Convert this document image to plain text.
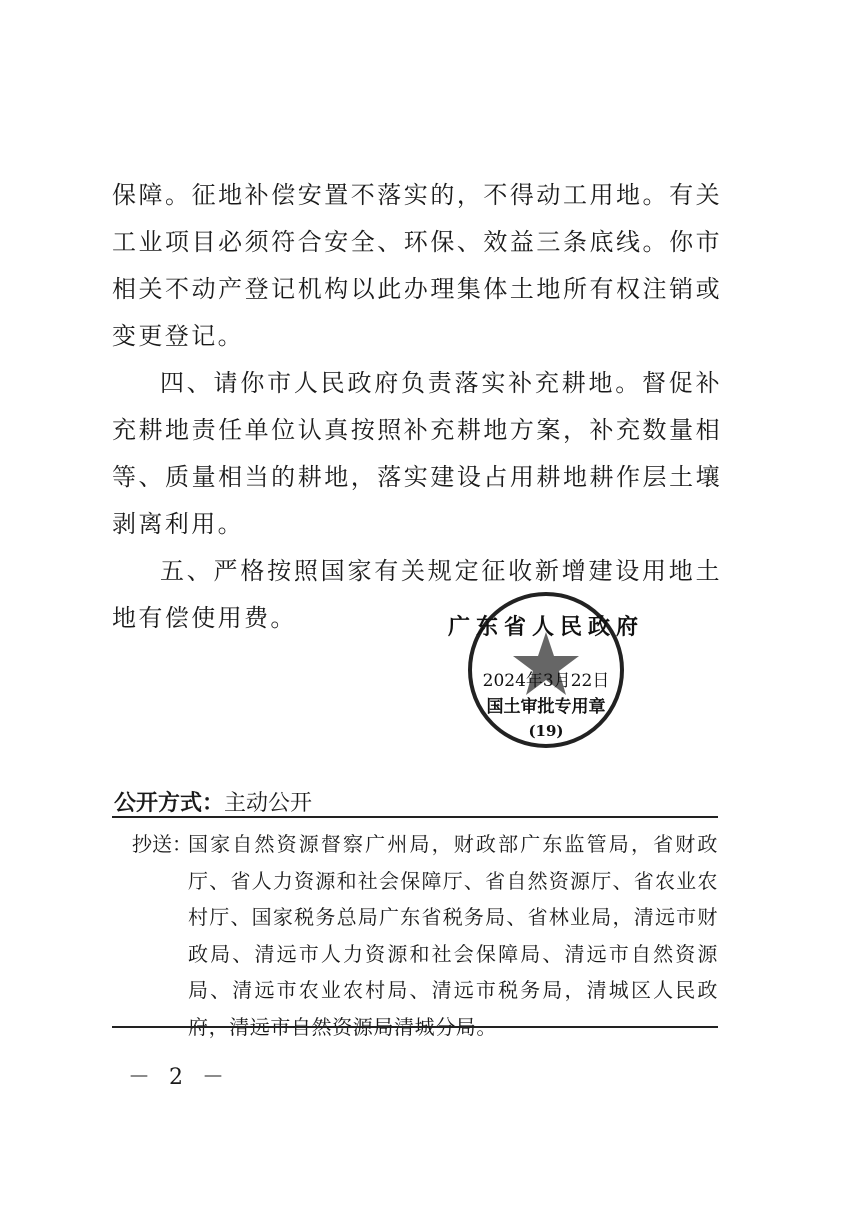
保障。征地补偿安置不落实的，不得动工用地。有关工业项目必须符合安全、环保、效益三条底线。你市相关不动产登记机构以此办理集体土地所有权注销或变更登记。

四、请你市人民政府负责落实补充耕地。督促补充耕地责任单位认真按照补充耕地方案，补充数量相等、质量相当的耕地，落实建设占用耕地耕作层土壤剥离利用。

五、严格按照国家有关规定征收新增建设用地土地有偿使用费。	广东省人民政府
2024年3月22日
国土审批专用章
(19)
公开方式：主动公开
抄送：
国家自然资源督察广州局，财政部广东监管局，省财政厅、省人力资源和社会保障厅、省自然资源厅、省农业农村厅、国家税务总局广东省税务局、省林业局，清远市财政局、清远市人力资源和社会保障局、清远市自然资源局、清远市农业农村局、清远市税务局，清城区人民政府，清远市自然资源局清城分局。
－ 2 －
